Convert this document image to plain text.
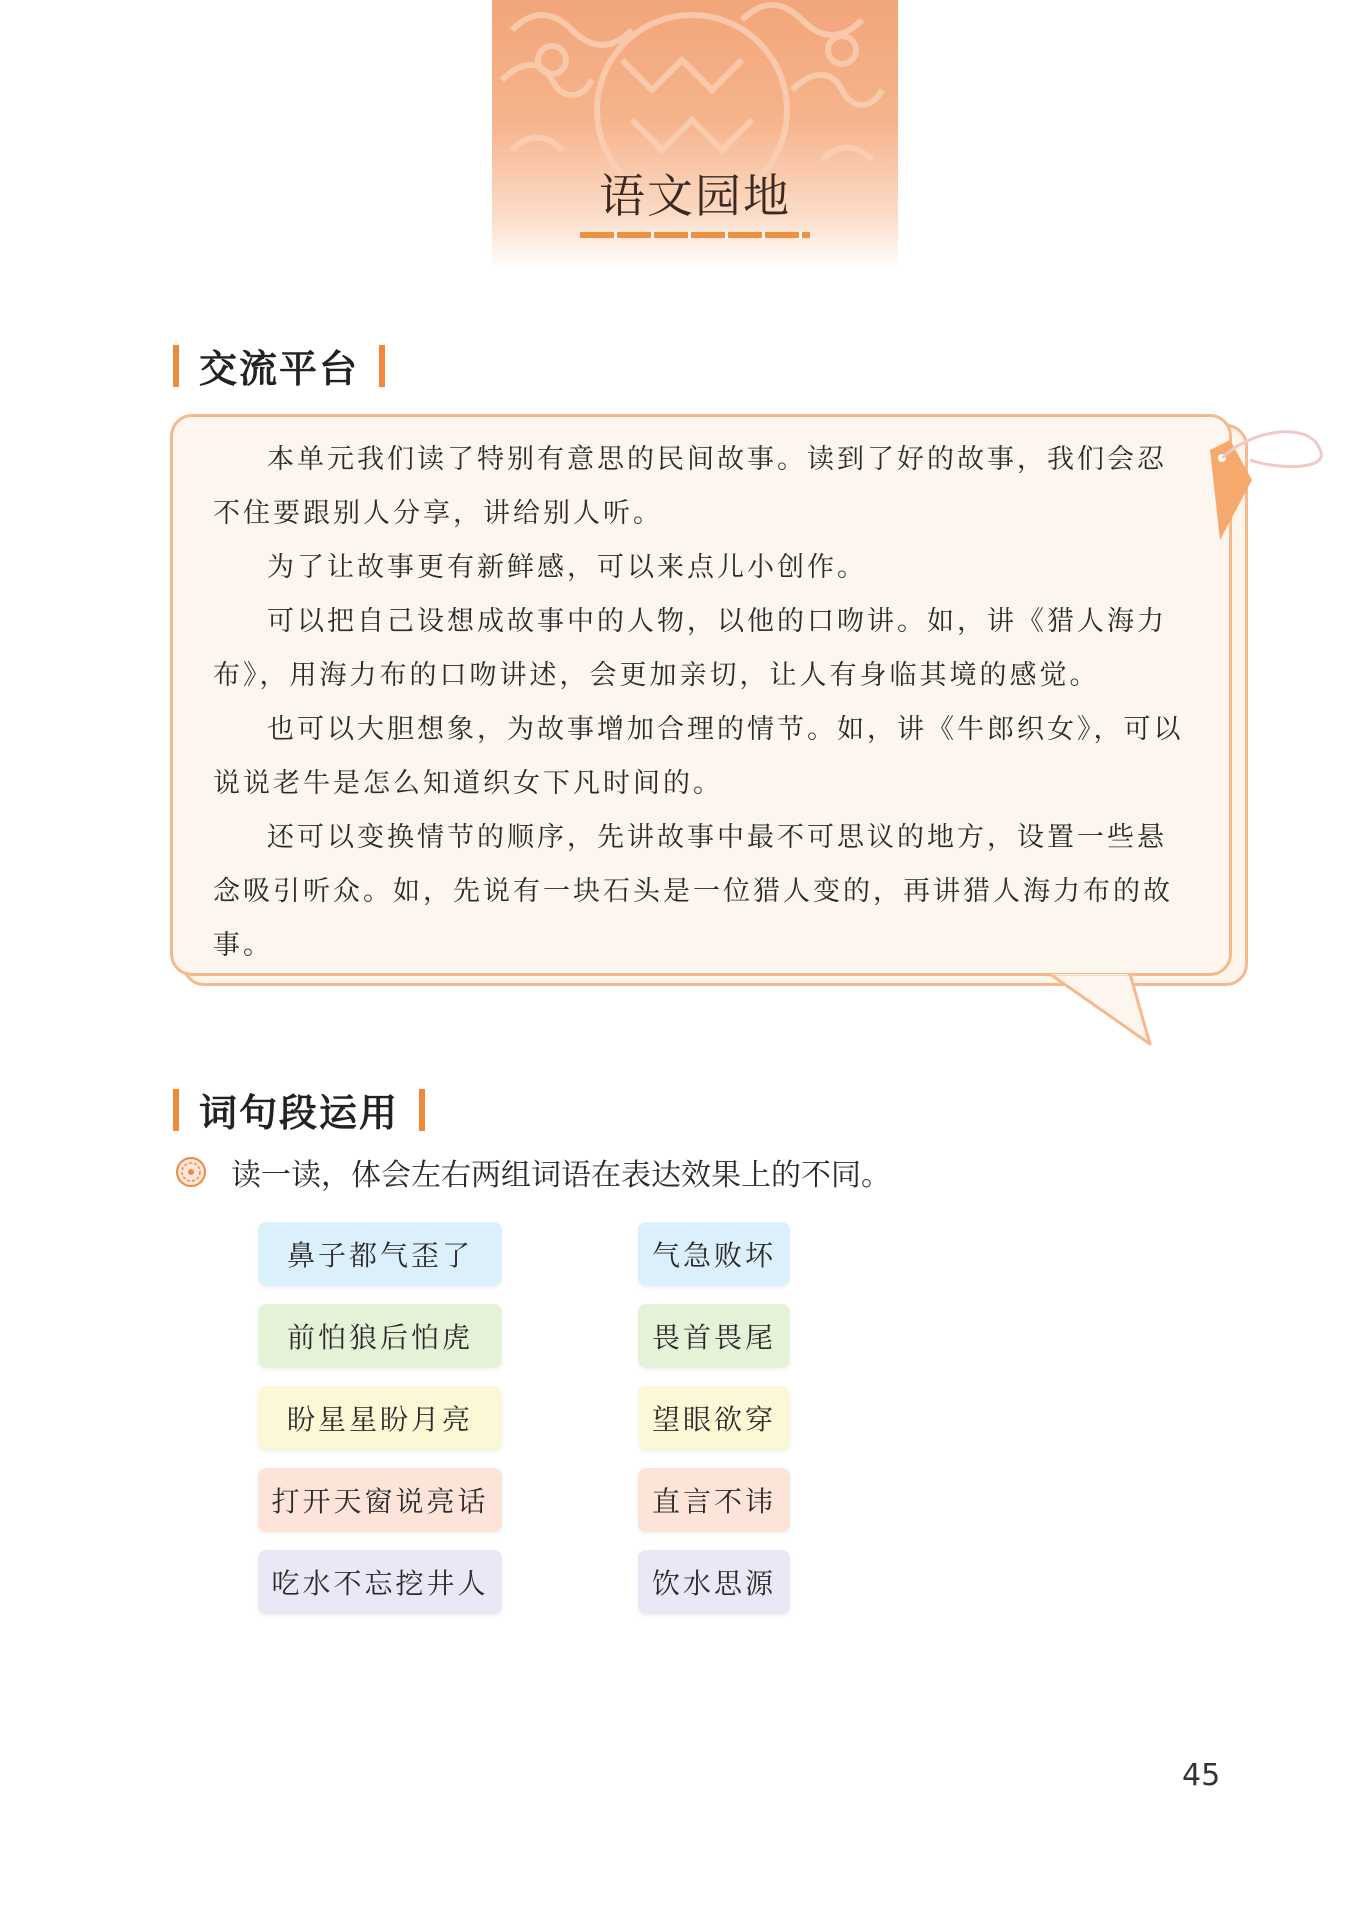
语文园地
交流平台

本单元我们读了特别有意思的民间故事。读到了好的故事，我们会忍不住要跟别人分享，讲给别人听。

为了让故事更有新鲜感，可以来点儿小创作。

可以把自己设想成故事中的人物，以他的口吻讲。如，讲《猎人海力布》，用海力布的口吻讲述，会更加亲切，让人有身临其境的感觉。

也可以大胆想象，为故事增加合理的情节。如，讲《牛郎织女》，可以说说老牛是怎么知道织女下凡时间的。

还可以变换情节的顺序，先讲故事中最不可思议的地方，设置一些悬念吸引听众。如，先说有一块石头是一位猎人变的，再讲猎人海力布的故事。

词句段运用
读一读，体会左右两组词语在表达效果上的不同。
鼻子都气歪了
前怕狼后怕虎
盼星星盼月亮
打开天窗说亮话
吃水不忘挖井人
气急败坏
畏首畏尾
望眼欲穿
直言不讳
饮水思源
45
